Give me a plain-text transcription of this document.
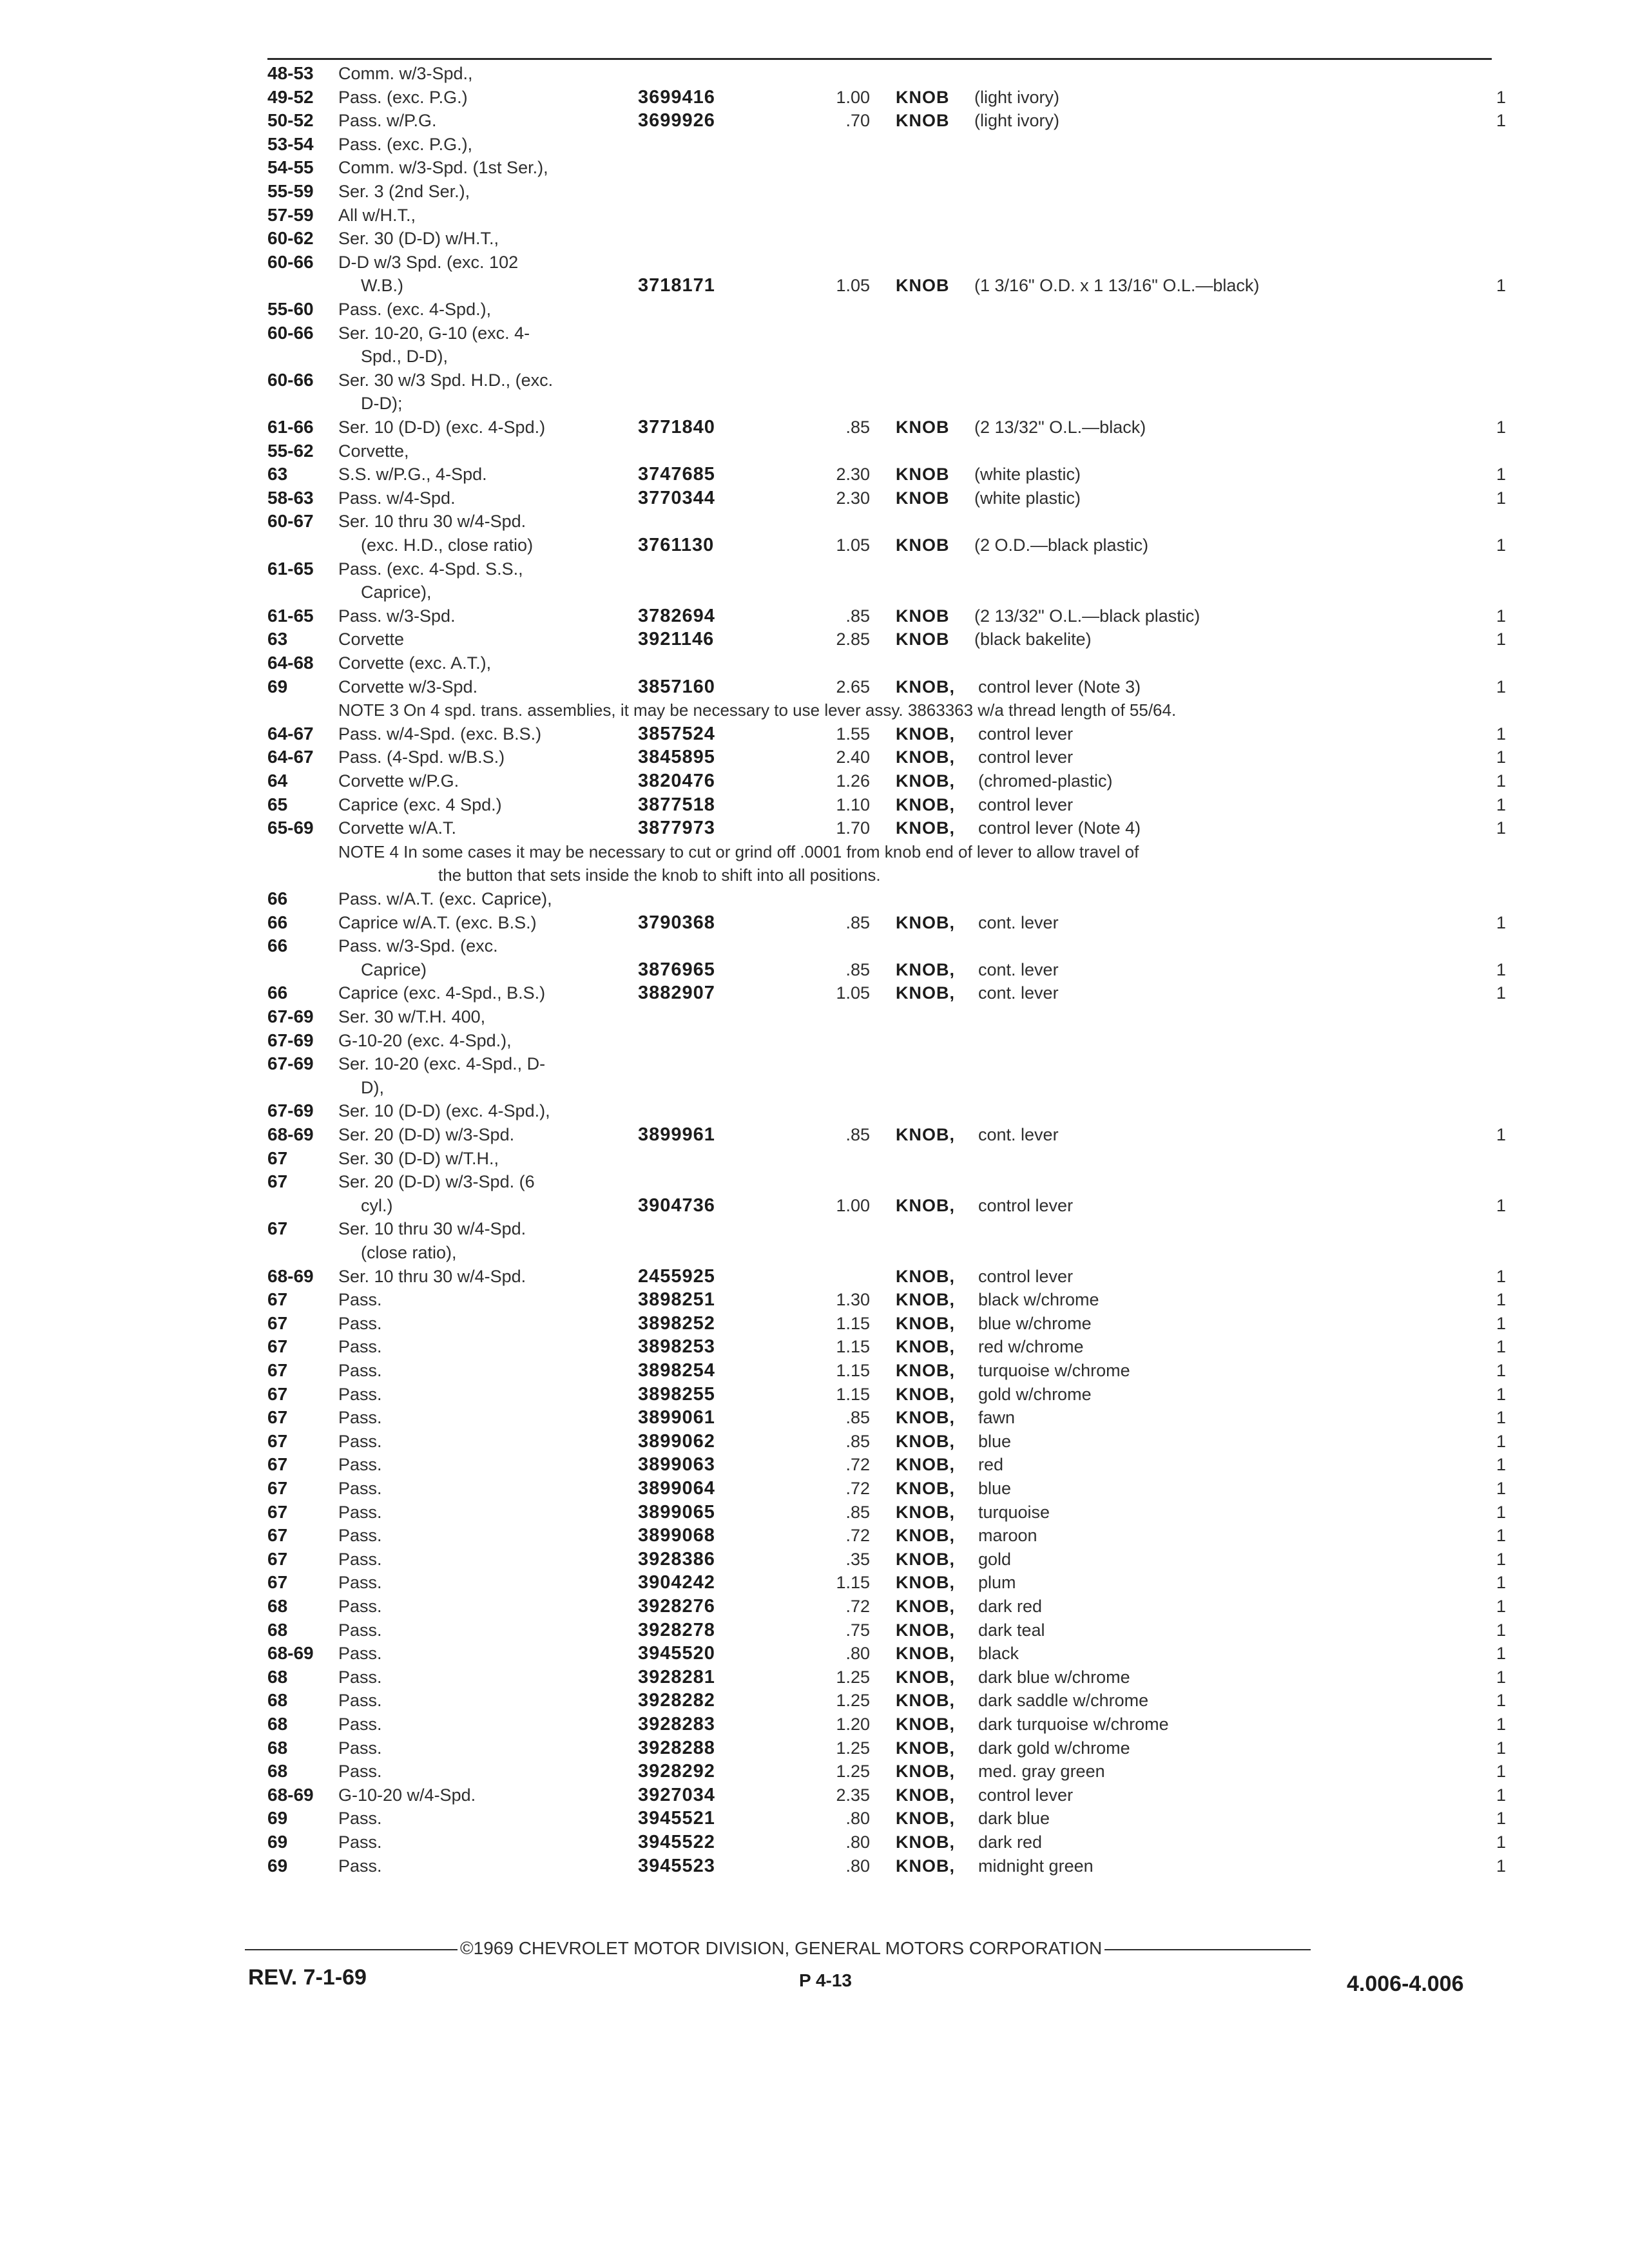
48-53 Comm. w/3-Spd.,
49-52 Pass. (exc. P.G.)	3699416	1.00 KNOB (light ivory)	1
50-52 Pass. w/P.G.	3699926	.70 KNOB (light ivory)	1
53-54 Pass. (exc. P.G.),
54-55 Comm. w/3-Spd. (1st Ser.),
55-59 Ser. 3 (2nd Ser.),
57-59 All w/H.T.,
60-62 Ser. 30 (D-D) w/H.T.,
60-66 D-D w/3 Spd. (exc. 102
W.B.)	3718171	1.05 KNOB (1 3/16" O.D. x 1 13/16" O.L.—black)	1
55-60 Pass. (exc. 4-Spd.),
60-66 Ser. 10-20, G-10 (exc. 4-
Spd., D-D),
60-66 Ser. 30 w/3 Spd. H.D., (exc.
D-D);
61-66 Ser. 10 (D-D) (exc. 4-Spd.)	3771840	.85 KNOB (2 13/32" O.L.—black)	1
55-62 Corvette,
63	S.S. w/P.G., 4-Spd.	3747685	2.30 KNOB (white plastic)	1
58-63 Pass. w/4-Spd.	3770344	2.30 KNOB (white plastic)	1
60-67 Ser. 10 thru 30 w/4-Spd.
(exc. H.D., close ratio)	3761130	1.05 KNOB (2 O.D.—black plastic)	1
61-65 Pass. (exc. 4-Spd. S.S.,
Caprice),
61-65 Pass. w/3-Spd.	3782694	.85 KNOB (2 13/32" O.L.—black plastic)	1
63	Corvette	3921146	2.85 KNOB (black bakelite)	1
64-68 Corvette (exc. A.T.),
69	Corvette w/3-Spd.	3857160	2.65 KNOB, control lever (Note 3)	1
NOTE 3 On 4 spd. trans. assemblies, it may be necessary to use lever assy. 3863363 w/a thread length of 55/64.
64-67 Pass. w/4-Spd. (exc. B.S.)	3857524	1.55 KNOB, control lever	1
64-67 Pass. (4-Spd. w/B.S.)	3845895	2.40 KNOB, control lever	1
64	Corvette w/P.G.	3820476	1.26 KNOB, (chromed-plastic)	1
65	Caprice (exc. 4 Spd.)	3877518	1.10 KNOB, control lever	1
65-69 Corvette w/A.T.	3877973	1.70 KNOB, control lever (Note 4)	1
NOTE 4 In some cases it may be necessary to cut or grind off .0001 from knob end of lever to allow travel of
the button that sets inside the knob to shift into all positions.
66	Pass. w/A.T. (exc. Caprice),
66	Caprice w/A.T. (exc. B.S.)	3790368	.85 KNOB, cont. lever	1
66	Pass. w/3-Spd. (exc.
Caprice)	3876965	.85 KNOB, cont. lever	1
66	Caprice (exc. 4-Spd., B.S.)	3882907	1.05 KNOB, cont. lever	1
67-69 Ser. 30 w/T.H. 400,
67-69 G-10-20 (exc. 4-Spd.),
67-69 Ser. 10-20 (exc. 4-Spd., D-
D),
67-69 Ser. 10 (D-D) (exc. 4-Spd.),
68-69 Ser. 20 (D-D) w/3-Spd.	3899961	.85 KNOB, cont. lever	1
67	Ser. 30 (D-D) w/T.H.,
67	Ser. 20 (D-D) w/3-Spd. (6
cyl.)	3904736	1.00 KNOB, control lever	1
67	Ser. 10 thru 30 w/4-Spd.
(close ratio),
68-69 Ser. 10 thru 30 w/4-Spd.	2455925	KNOB, control lever	1
67	Pass.	3898251	1.30 KNOB, black w/chrome	1
67	Pass.	3898252	1.15 KNOB, blue w/chrome	1
67	Pass.	3898253	1.15 KNOB, red w/chrome	1
67	Pass.	3898254	1.15 KNOB, turquoise w/chrome	1
67	Pass.	3898255	1.15 KNOB, gold w/chrome	1
67	Pass.	3899061	.85 KNOB, fawn	1
67	Pass.	3899062	.85 KNOB, blue	1
67	Pass.	3899063	.72 KNOB, red	1
67	Pass.	3899064	.72 KNOB, blue	1
67	Pass.	3899065	.85 KNOB, turquoise	1
67	Pass.	3899068	.72 KNOB, maroon	1
67	Pass.	3928386	.35 KNOB, gold	1
67	Pass.	3904242	1.15 KNOB, plum	1
68	Pass.	3928276	.72 KNOB, dark red	1
68	Pass.	3928278	.75 KNOB, dark teal	1
68-69 Pass.	3945520	.80 KNOB, black	1
68	Pass.	3928281	1.25 KNOB, dark blue w/chrome	1
68	Pass.	3928282	1.25 KNOB, dark saddle w/chrome	1
68	Pass.	3928283	1.20 KNOB, dark turquoise w/chrome	1
68	Pass.	3928288	1.25 KNOB, dark gold w/chrome	1
68	Pass.	3928292	1.25 KNOB, med. gray green	1
68-69 G-10-20 w/4-Spd.	3927034	2.35 KNOB, control lever	1
69	Pass.	3945521	.80 KNOB, dark blue	1
69	Pass.	3945522	.80 KNOB, dark red	1
69	Pass.	3945523	.80 KNOB, midnight green	1
©1969 CHEVROLET MOTOR DIVISION, GENERAL MOTORS CORPORATION
REV. 7-1-69	P 4-13	4.006-4.006
